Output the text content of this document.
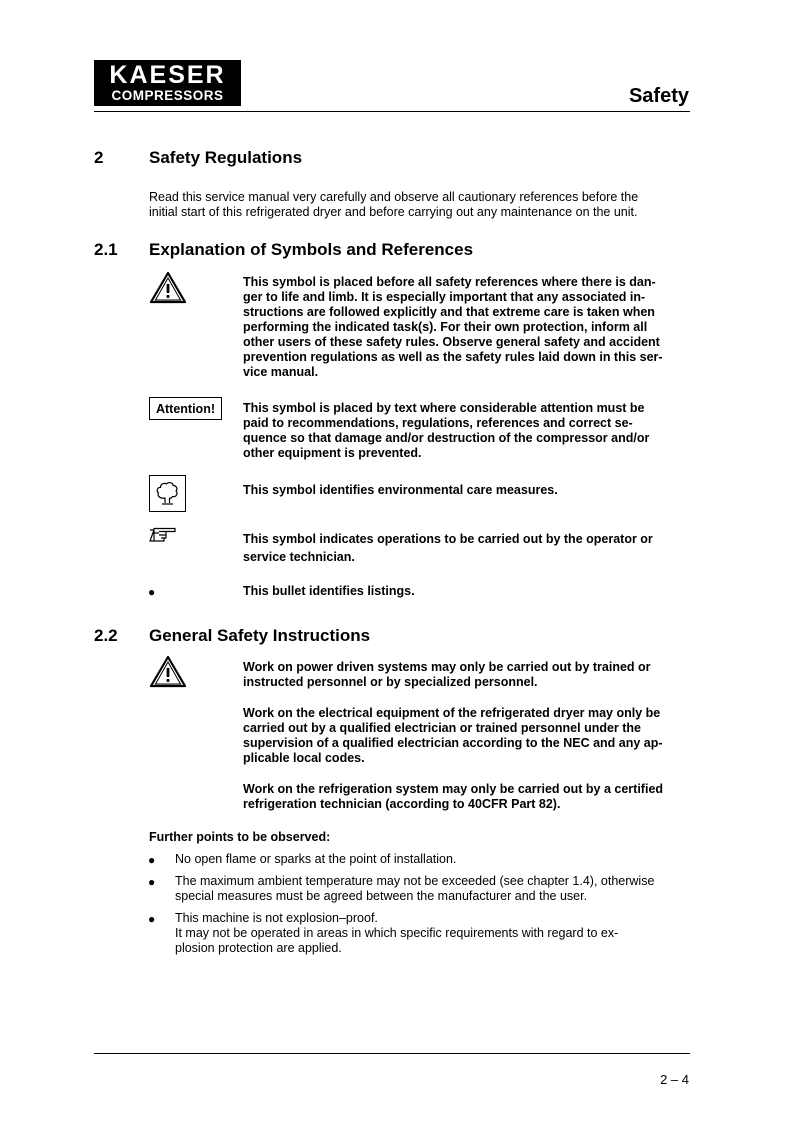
KAESER
COMPRESSORS	Safety
2	Safety Regulations
Read this service manual very carefully and observe all cautionary references before the
initial start of this refrigerated dryer and before carrying out any maintenance on the unit.
2.1 Explanation of Symbols and References
This symbol is placed before all safety references where there is dan-
ger to life and limb. It is especially important that any associated in-
structions are followed explicitly and that extreme care is taken when
performing the indicated task(s). For their own protection, inform all
other users of these safety rules. Observe general safety and accident
prevention regulations as well as the safety rules laid down in this ser-
vice manual.
Attention!	This symbol is placed by text where considerable attention must be
paid to recommendations, regulations, references and correct se-
quence so that damage and/or destruction of the compressor and/or
other equipment is prevented.
This symbol identifies environmental care measures.
This symbol indicates operations to be carried out by the operator or
service technician.
●	This bullet identifies listings.
2.2 General Safety Instructions
Work on power driven systems may only be carried out by trained or
instructed personnel or by specialized personnel.
Work on the electrical equipment of the refrigerated dryer may only be
carried out by a qualified electrician or trained personnel under the
supervision of a qualified electrician according to the NEC and any ap-
plicable local codes.
Work on the refrigeration system may only be carried out by a certified
refrigeration technician (according to 40CFR Part 82).
Further points to be observed:
● No open flame or sparks at the point of installation.
● The maximum ambient temperature may not be exceeded (see chapter 1.4), otherwise
special measures must be agreed between the manufacturer and the user.
● This machine is not explosion–proof.
It may not be operated in areas in which specific requirements with regard to ex-
plosion protection are applied.
2 – 4
